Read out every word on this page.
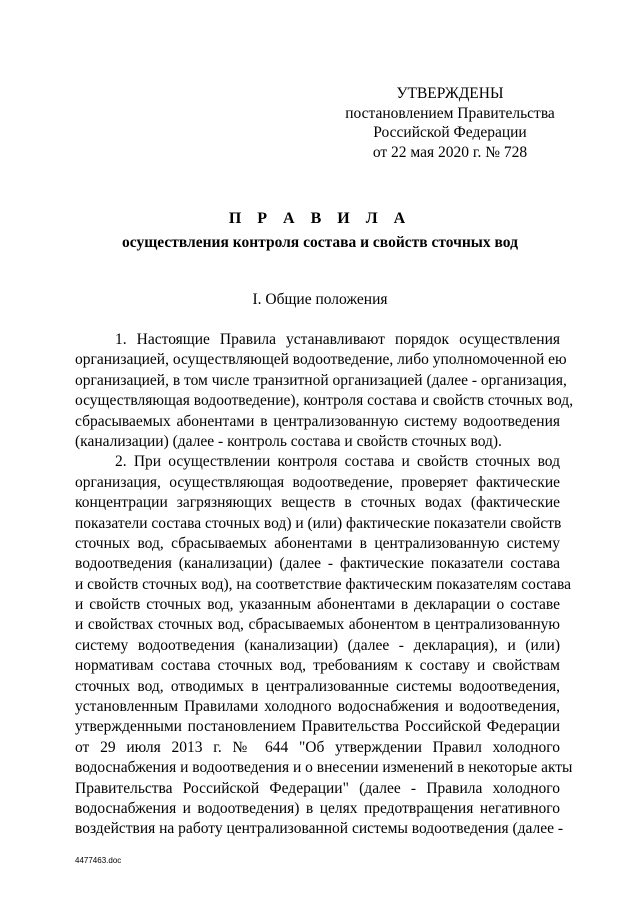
УТВЕРЖДЕНЫ
постановлением Правительства
Российской Федерации
от 22 мая 2020 г. № 728
П Р А В И Л А
осуществления контроля состава и свойств сточных вод
I. Общие положения
1. Настоящие Правила устанавливают порядок осуществления
организацией, осуществляющей водоотведение, либо уполномоченной ею
организацией, в том числе транзитной организацией (далее - организация,
осуществляющая водоотведение), контроля состава и свойств сточных вод,
сбрасываемых абонентами в централизованную систему водоотведения
(канализации) (далее - контроль состава и свойств сточных вод).
2. При осуществлении контроля состава и свойств сточных вод
организация, осуществляющая водоотведение, проверяет фактические
концентрации загрязняющих веществ в сточных водах (фактические
показатели состава сточных вод) и (или) фактические показатели свойств
сточных вод, сбрасываемых абонентами в централизованную систему
водоотведения (канализации) (далее - фактические показатели состава
и свойств сточных вод), на соответствие фактическим показателям состава
и свойств сточных вод, указанным абонентами в декларации о составе
и свойствах сточных вод, сбрасываемых абонентом в централизованную
систему водоотведения (канализации) (далее - декларация), и (или)
нормативам состава сточных вод, требованиям к составу и свойствам
сточных вод, отводимых в централизованные системы водоотведения,
установленным Правилами холодного водоснабжения и водоотведения,
утвержденными постановлением Правительства Российской Федерации
от 29 июля 2013 г. № 644 "Об утверждении Правил холодного
водоснабжения и водоотведения и о внесении изменений в некоторые акты
Правительства Российской Федерации" (далее - Правила холодного
водоснабжения и водоотведения) в целях предотвращения негативного
воздействия на работу централизованной системы водоотведения (далее -
4477463.doc
